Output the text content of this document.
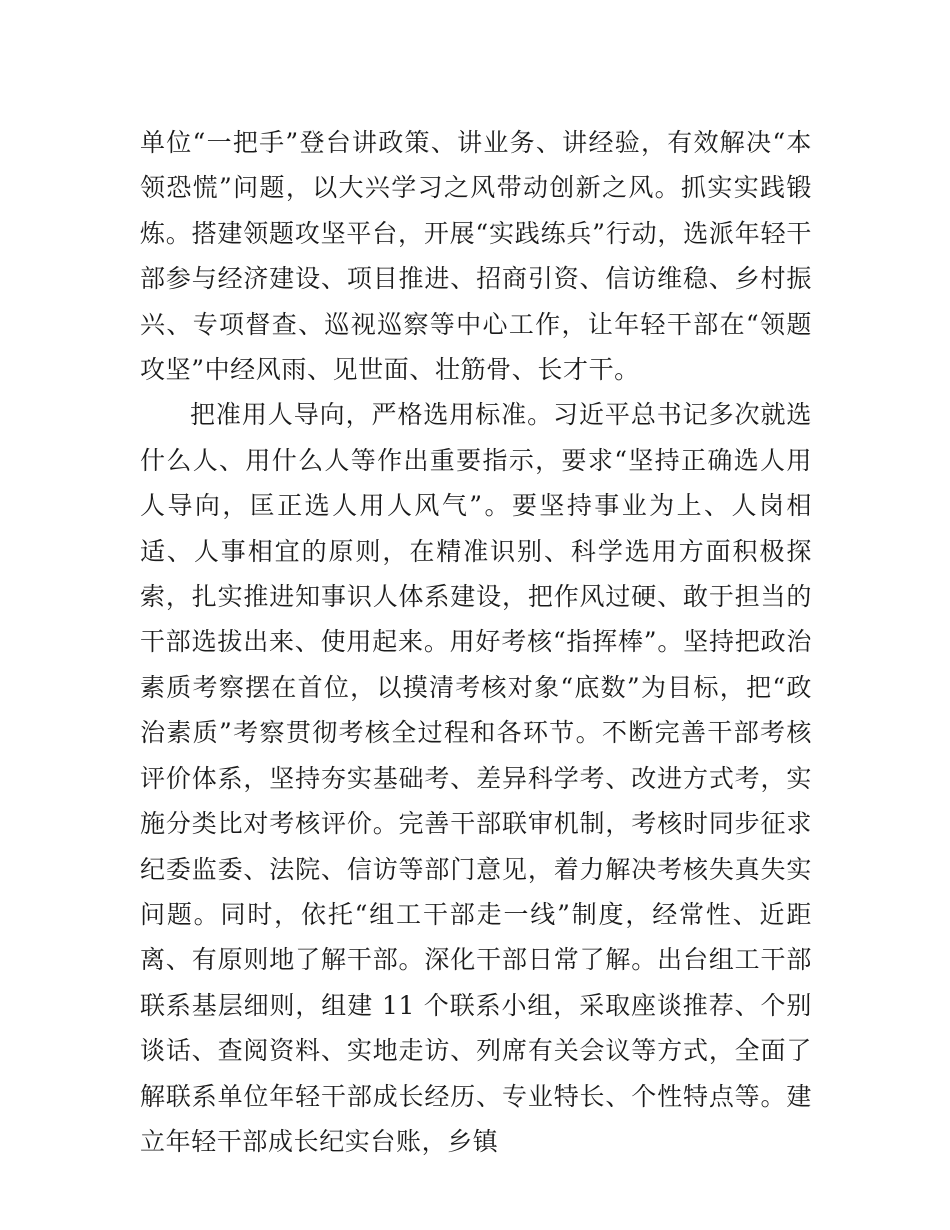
单位“一把手”登台讲政策、讲业务、讲经验，有效解决“本领恐慌”问题，以大兴学习之风带动创新之风。抓实实践锻炼。搭建领题攻坚平台，开展“实践练兵”行动，选派年轻干部参与经济建设、项目推进、招商引资、信访维稳、乡村振兴、专项督查、巡视巡察等中心工作，让年轻干部在“领题攻坚”中经风雨、见世面、壮筋骨、长才干。

把准用人导向，严格选用标准。习近平总书记多次就选什么人、用什么人等作出重要指示，要求“坚持正确选人用人导向，匡正选人用人风气”。要坚持事业为上、人岗相适、人事相宜的原则，在精准识别、科学选用方面积极探索，扎实推进知事识人体系建设，把作风过硬、敢于担当的干部选拔出来、使用起来。用好考核“指挥棒”。坚持把政治素质考察摆在首位，以摸清考核对象“底数”为目标，把“政治素质”考察贯彻考核全过程和各环节。不断完善干部考核评价体系，坚持夯实基础考、差异科学考、改进方式考，实施分类比对考核评价。完善干部联审机制，考核时同步征求纪委监委、法院、信访等部门意见，着力解决考核失真失实问题。同时，依托“组工干部走一线”制度，经常性、近距离、有原则地了解干部。深化干部日常了解。出台组工干部联系基层细则，组建 11 个联系小组，采取座谈推荐、个别谈话、查阅资料、实地走访、列席有关会议等方式，全面了解联系单位年轻干部成长经历、专业特长、个性特点等。建立年轻干部成长纪实台账，乡镇
